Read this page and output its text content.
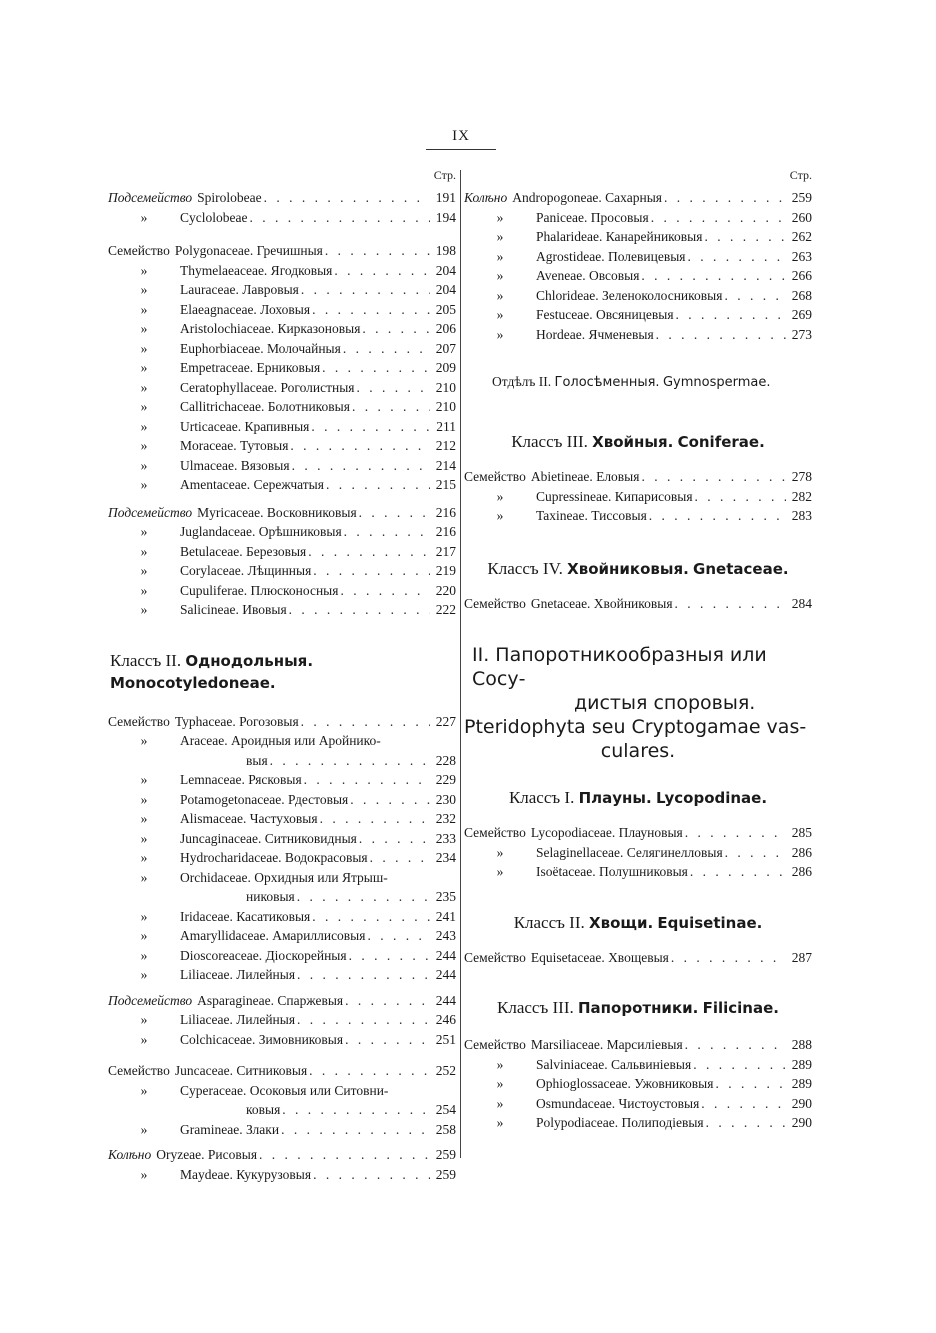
IX
Стр.
Подсемейство Spirolobeae . . .	191
» Cyclolobeae . . .	194
Семейство Polygonaceae. Гречишныя . . .	198
» Thymelaeaceae. Ягодковыя . . .	204
» Lauraceae. Лавровыя . . .	204
» Elaeagnaceae. Лоховыя . . .	205
» Aristolochiaceae. Кирказоновыя . . .	206
» Euphorbiaceae. Молочайныя . . .	207
» Empetraceae. Ерниковыя . . .	209
» Ceratophyllaceae. Роголистныя . . .	210
» Callitrichaceae. Болотниковыя . . .	210
» Urticaceae. Крапивныя . . .	211
» Moraceae. Тутовыя . . .	212
» Ulmaceae. Вязовыя . . .	214
» Amentaceae. Сережчатыя . . .	215
Подсемейство Myricaceae. Восковниковыя . . .	216
» Juglandaceae. Орѣшниковыя . . .	216
» Betulaceae. Березовыя . . .	217
» Corylaceae. Лѣщинныя . . .	219
» Cupuliferae. Плюсконосныя . . .	220
» Salicineae. Ивовыя . . .	222
Классъ II. Однодольныя. Monocotyledoneae.
Семейство Typhaceae. Рогозовыя . . .	227
» Araceae. Ароидныя или Аройнико-
выя . . .	228
» Lemnaceae. Рясковыя . . .	229
» Potamogetonaceae. Рдестовыя . . .	230
» Alismaceae. Частуховыя . . .	232
» Juncaginaceae. Ситниковидныя . . .	233
» Hydrocharidaceae. Водокрасовыя . . .	234
» Orchidaceae. Орхидныя или Ятрыш-
никовыя . . .	235
» Iridaceae. Касатиковыя . . .	241
» Amaryllidaceae. Амариллисовыя . . .	243
» Dioscoreaceae. Діоскорейныя . . .	244
» Liliaceae. Лилейныя . . .	244
Подсемейство Asparagineae. Спаржевыя . . .	244
» Liliaceae. Лилейныя . . .	246
» Colchicaceae. Зимовниковыя . . .	251
Семейство Juncaceae. Ситниковыя . . .	252
» Cyperaceae. Осоковыя или Ситовни-
ковыя . . .	254
» Gramineae. Злаки . . .	258
Колѣно Oryzeae. Рисовыя . . .	259
» Maydeae. Кукурузовыя . . .	259
Стр.
Колѣно Andropogoneae. Сахарныя . . .	259
» Paniceae. Просовыя . . .	260
» Phalarideae. Канарейниковыя . . .	262
» Agrostideae. Полевицевыя . . .	263
» Aveneae. Овсовыя . . .	266
» Chlorideae. Зеленоколосниковыя . . .	268
» Festuceae. Овсяницевыя . . .	269
» Hordeae. Ячменевыя . . .	273
Отдѣлъ II. Голосѣменныя. Gymnospermae.
Классъ III. Хвойныя. Coniferae.
Семейство Abietineae. Еловыя . . .	278
» Cupressineae. Кипарисовыя . . .	282
» Taxineae. Тиссовыя . . .	283
Классъ IV. Хвойниковыя. Gnetaceae.
Семейство Gnetaceae. Хвойниковыя . . .	284
II. Папоротникообразныя или Сосу-
дистыя споровыя.
Pteridophyta seu Cryptogamae vas-
culares.
Классъ I. Плауны. Lycopodinae.
Семейство Lycopodiaceae. Плауновыя . . .	285
» Selaginellaceae. Селягинелловыя . . .	286
» Isoëtaceae. Полушниковыя . . .	286
Классъ II. Хвощи. Equisetinae.
Семейство Equisetaceae. Хвощевыя . . .	287
Классъ III. Папоротники. Filicinae.
Семейство Marsiliaceae. Марсилiевыя . . .	288
» Salviniaceae. Сальвинiевыя . . .	289
» Ophioglossaceae. Ужовниковыя . . .	289
» Osmundaceae. Чистоустовыя . . .	290
» Polypodiaceae. Полиподiевыя . . .	290
